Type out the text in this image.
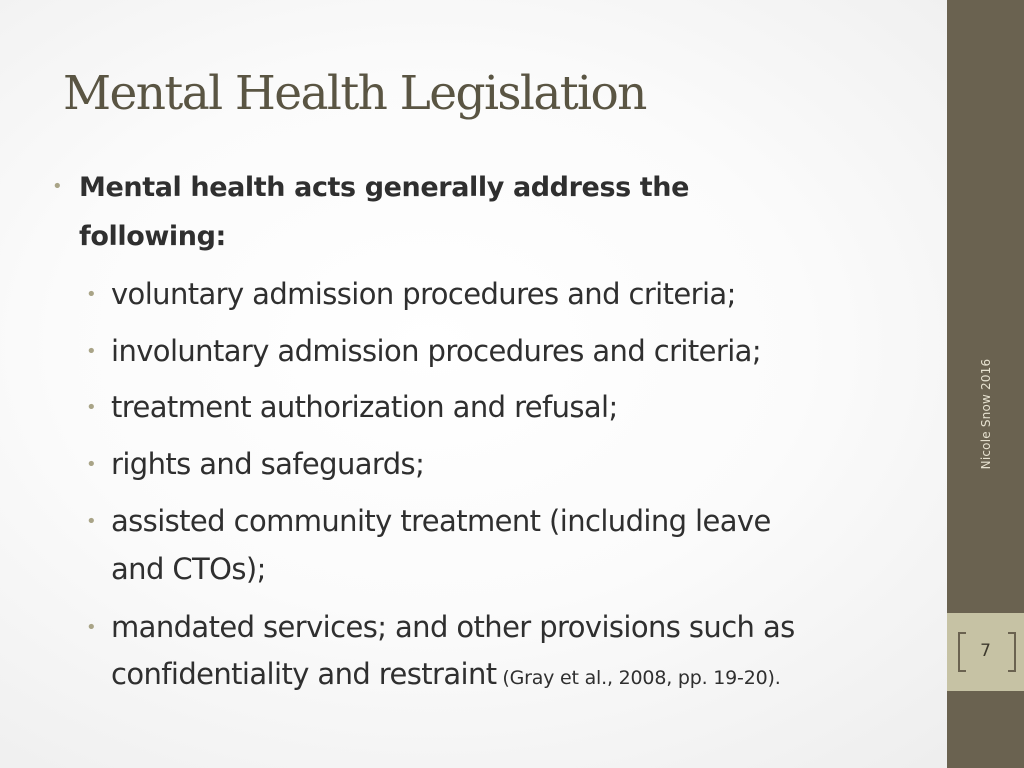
Mental Health Legislation
• Mental health acts generally address the
following:
• voluntary admission procedures and criteria;
• involuntary admission procedures and criteria;
• treatment authorization and refusal;
• rights and safeguards;
• assisted community treatment (including leave
and CTOs);
• mandated services; and other provisions such as
confidentiality and restraint (Gray et al., 2008, pp. 19-20).
Nicole Snow 2016
7
